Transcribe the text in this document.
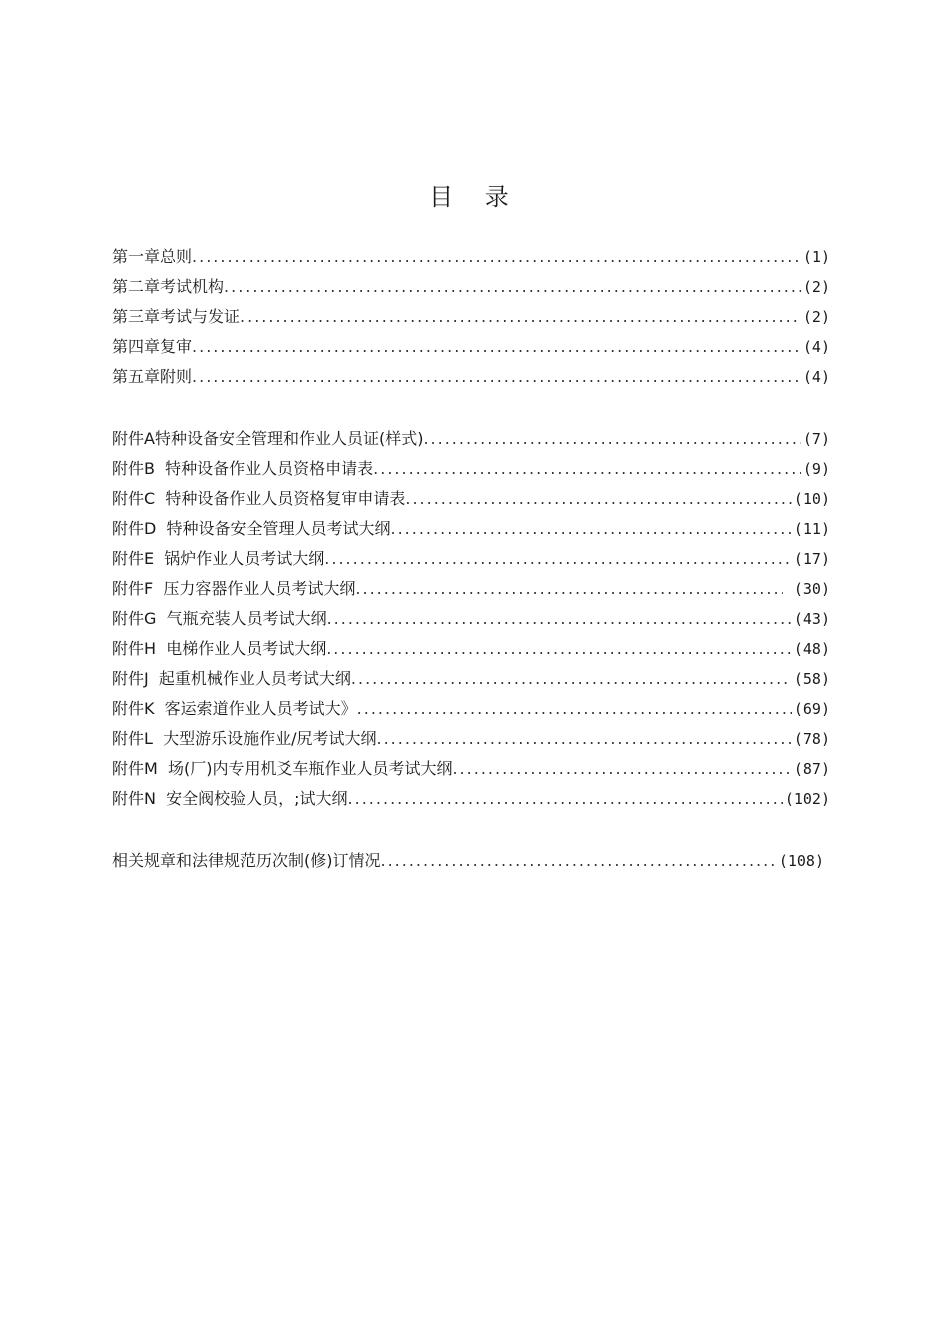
目 录
第一章总则 .....	(1)
第二章考试机构 .....	(2)
第三章考试与发证 .....	(2)
第四章复审 .....	(4)
第五章附则 .....	(4)
附件A特种设备安全管理和作业人员证(样式) .....	(7)
附件B  特种设备作业人员资格申请表 .....	(9)
附件C  特种设备作业人员资格复审申请表 .....	(10)
附件D  特种设备安全管理人员考试大纲 .....	(11)
附件E  锅炉作业人员考试大纲 .....	(17)
附件F  压力容器作业人员考试大纲 .....	(30)
附件G  气瓶充装人员考试大纲 .....	(43)
附件H  电梯作业人员考试大纲 .....	(48)
附件J  起重机械作业人员考试大纲 .....	(58)
附件K  客运索道作业人员考试大》 .....	(69)
附件L  大型游乐设施作业/尻考试大纲 .....	(78)
附件M  场(厂)内专用机爻车瓶作业人员考试大纲 .....	(87)
附件N  安全阀校验人员，;试大纲 .....	(102)
相关规章和法律规范历次制(修)订情况 .....	(108)
